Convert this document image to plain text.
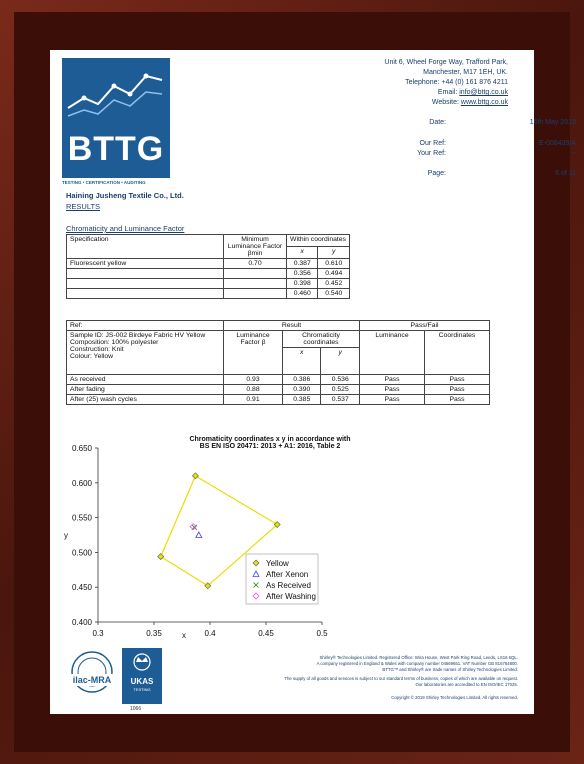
BTTG
TESTING • CERTIFICATION • AUDITING
Unit 6, Wheel Forge Way, Trafford Park,
Manchester, M17 1EH, UK.
Telephone: +44 (0) 161 876 4211
Email: info@bttg.co.uk
Website: www.bttg.co.uk
Date:	16th May 2019
Our Ref:	E-008439/A
Your Ref:	--
Page:	6 of 11
Haining Jusheng Textile Co., Ltd.
RESULTS
Chromaticity and Luminance Factor
Specification	Minimum Luminance Factor βmin	Within coordinates	
		x	y
Fluorescent yellow	0.70	0.387	0.610
		0.356	0.494
		0.398	0.452
		0.460	0.540
Ref:	Result			Pass/Fail	

Sample ID: JS-002 Birdeye Fabric HV Yellow
Composition: 100% polyester
Construction: Knit
Colour: Yellow	Luminance Factor β	Chromaticity coordinates		Luminance	Coordinates
		x	y		
As received	0.93	0.386	0.536	Pass	Pass
After fading	0.88	0.390	0.525	Pass	Pass
After (25) wash cycles	0.91	0.385	0.537	Pass	Pass
Chromaticity coordinates x y in accordance with
BS EN ISO 20471: 2013 + A1: 2016, Table 2
0.400
0.450
0.500
0.550
0.600
0.650
0.3	0.35	0.4	0.45	0.5
y
x
Yellow
After Xenon
As Received
After Washing
ilac-MRA UKAS
TESTING
1066
Shirley® Technologies Limited. Registered Office: Wira House, West Park Ring Road, Leeds, LS16 6QL.
A company registered in England & Wales with company number 04669651. VAT Number GB 816764800.
BTTG™ and Shirley® are trade names of Shirley Technologies Limited.
The supply of all goods and services is subject to our standard terms of business, copies of which are available on request.
Our laboratories are accredited to EN ISO/IEC 17025.
Copyright © 2019 Shirley Technologies Limited. All rights reserved.
